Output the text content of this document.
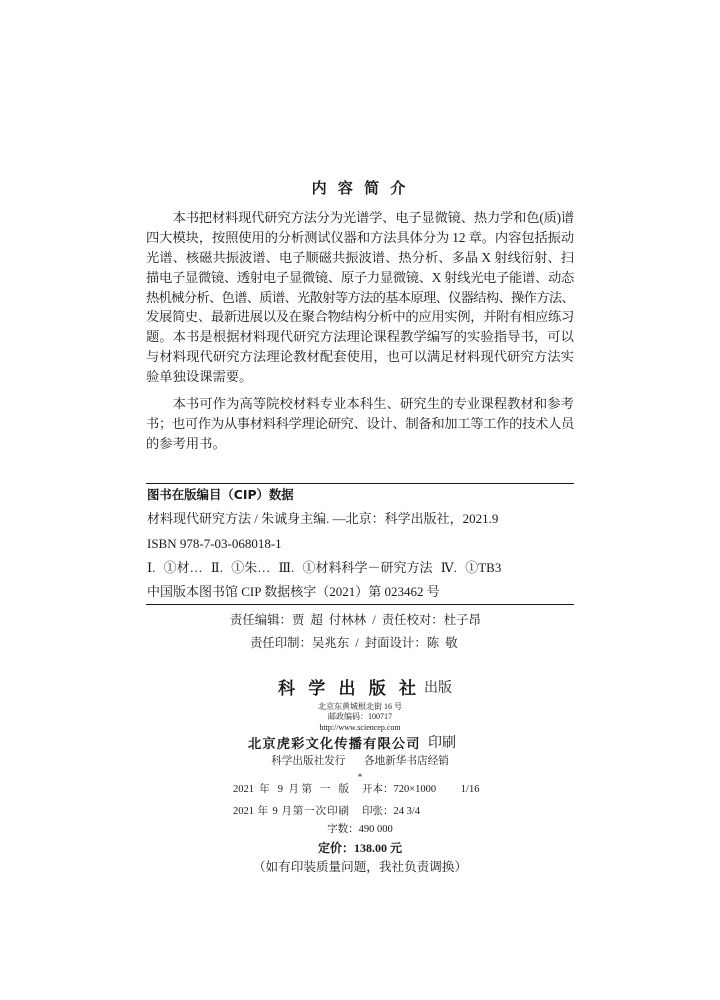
内 容 简 介
本书把材料现代研究方法分为光谱学、电子显微镜、热力学和色(质)谱
四大模块，按照使用的分析测试仪器和方法具体分为 12 章。内容包括振动
光谱、核磁共振波谱、电子顺磁共振波谱、热分析、多晶 X 射线衍射、扫
描电子显微镜、透射电子显微镜、原子力显微镜、X 射线光电子能谱、动态
热机械分析、色谱、质谱、光散射等方法的基本原理、仪器结构、操作方法、
发展简史、最新进展以及在聚合物结构分析中的应用实例，并附有相应练习
题。本书是根据材料现代研究方法理论课程教学编写的实验指导书，可以
与材料现代研究方法理论教材配套使用，也可以满足材料现代研究方法实
验单独设课需要。
本书可作为高等院校材料专业本科生、研究生的专业课程教材和参考
书；也可作为从事材料科学理论研究、设计、制备和加工等工作的技术人员
的参考用书。
图书在版编目（CIP）数据
材料现代研究方法 / 朱诚身主编. —北京：科学出版社，2021.9
ISBN 978-7-03-068018-1
Ⅰ. ①材… Ⅱ. ①朱… Ⅲ. ①材料科学－研究方法 Ⅳ. ①TB3
中国版本图书馆 CIP 数据核字（2021）第 023462 号
责任编辑：贾 超 付林林 / 责任校对：杜子昂
责任印制：吴兆东 / 封面设计：陈 敬
科 学 出 版 社 出版
北京东黄城根北街 16 号
邮政编码：100717
http://www.sciencep.com
北京虎彩文化传播有限公司 印刷
科学出版社发行 各地新华书店经销
*
2021 年 9 月第 一 版 开本：720×1000 1/16
2021 年 9 月第一次印刷 印张：24 3/4
字数：490 000
定价：138.00 元
（如有印装质量问题，我社负责调换）
